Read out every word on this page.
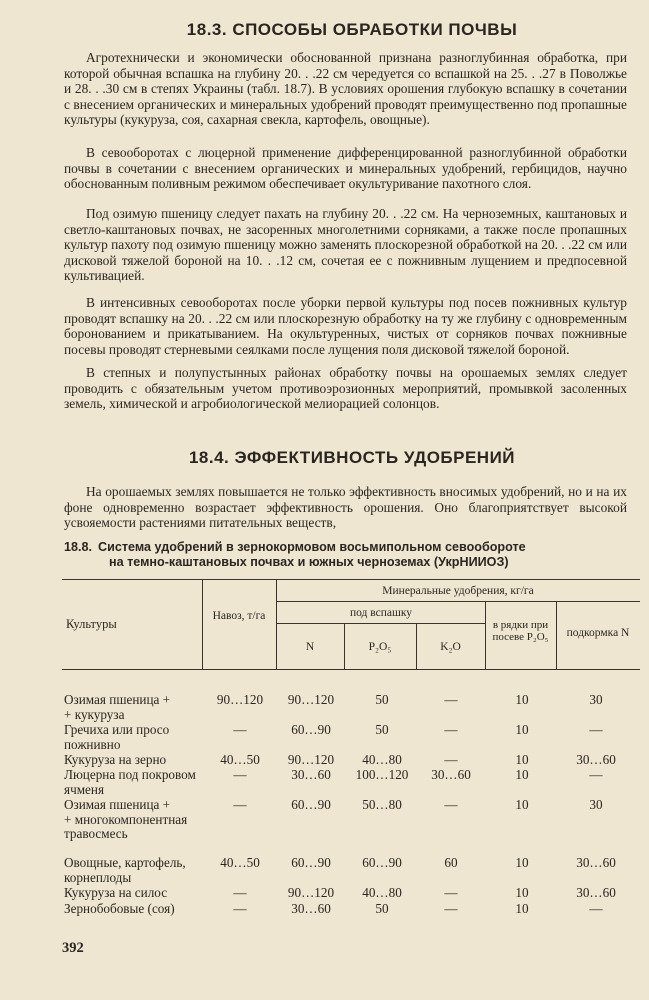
18.3. СПОСОБЫ ОБРАБОТКИ ПОЧВЫ

Агротехнически и экономически обоснованной признана разноглубинная обработка, при которой обычная вспашка на глубину 20. . .22 см чередуется со вспашкой на 25. . .27 в Поволжье и 28. . .30 см в степях Украины (табл. 18.7). В условиях орошения глубокую вспашку в сочетании с внесением органических и минеральных удобрений проводят преимущественно под пропашные культуры (кукуруза, соя, сахарная свекла, картофель, овощные).

В севооборотах с люцерной применение дифференцированной разноглубинной обработки почвы в сочетании с внесением органических и минеральных удобрений, гербицидов, научно обоснованным поливным режимом обеспечивает окультуривание пахотного слоя.

Под озимую пшеницу следует пахать на глубину 20. . .22 см. На черноземных, каштановых и светло-каштановых почвах, не засоренных многолетними сорняками, а также после пропашных культур пахоту под озимую пшеницу можно заменять плоскорезной обработкой на 20. . .22 см или дисковой тяжелой бороной на 10. . .12 см, сочетая ее с пожнивным лущением и предпосевной культивацией.

В интенсивных севооборотах после уборки первой культуры под посев пожнивных культур проводят вспашку на 20. . .22 см или плоскорезную обработку на ту же глубину с одновременным боронованием и прикатыванием. На окультуренных, чистых от сорняков почвах пожнивные посевы проводят стерневыми сеялками после лущения поля дисковой тяжелой бороной.

В степных и полупустынных районах обработку почвы на орошаемых землях следует проводить с обязательным учетом противоэрозионных мероприятий, промывкой засоленных земель, химической и агробиологической мелиорацией солонцов.

18.4. ЭФФЕКТИВНОСТЬ УДОБРЕНИЙ

На орошаемых землях повышается не только эффективность вносимых удобрений, но и на их фоне одновременно возрастает эффективность орошения. Оно благоприятствует высокой усвояемости растениями питательных веществ,

18.8. Система удобрений в зернокормовом восьмипольном севообороте
на темно-каштановых почвах и южных черноземах (УкрНИИОЗ)
Культуры
Навоз, т/га
Минеральные удобрения, кг/га
под вспашку
N	P₂O₅	K₂O
в рядки при посеве P₂O₅	подкормка N
Озимая пшеница +
+ кукуруза
90…120	90…120	50	—	10	30
Гречиха или просо пожнивно
—	60…90	50	—	10	—
Кукуруза на зерно	40…50	90…120	40…80	—	10	30…60
Люцерна под покровом ячменя
—	30…60	100…120	30…60	10	—
Озимая пшеница +
+ многокомпонентная травосмесь
—	60…90	50…80	—	10	30
Овощные, картофель, корнеплоды
40…50	60…90	60…90	60	10	30…60
Кукуруза на силос	—	90…120	40…80	—	10	30…60
Зернобобовые (соя)	—	30…60	50	—	10	—
392
